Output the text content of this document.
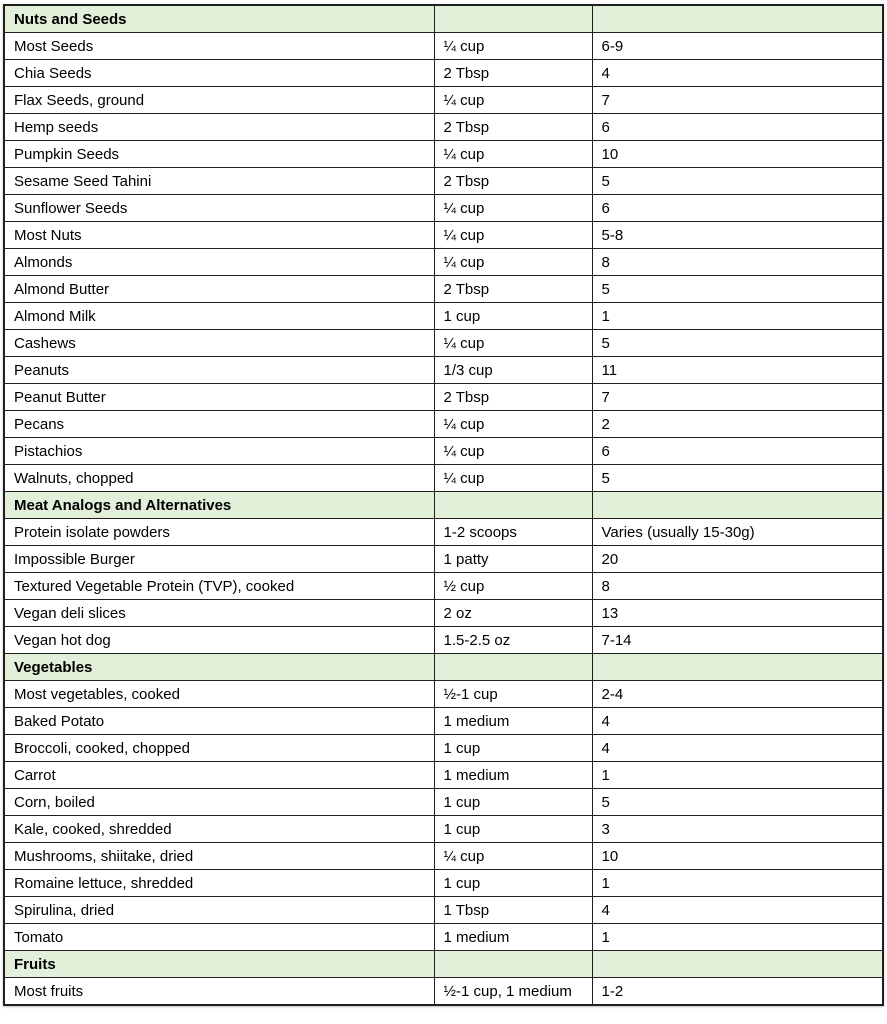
Nuts and Seeds		
Most Seeds	¼ cup	6-9
Chia Seeds	2 Tbsp	4
Flax Seeds, ground	¼ cup	7
Hemp seeds	2 Tbsp	6
Pumpkin Seeds	¼ cup	10
Sesame Seed Tahini	2 Tbsp	5
Sunflower Seeds	¼ cup	6
Most Nuts	¼ cup	5-8
Almonds	¼ cup	8
Almond Butter	2 Tbsp	5
Almond Milk	1 cup	1
Cashews	¼ cup	5
Peanuts	1/3 cup	11
Peanut Butter	2 Tbsp	7
Pecans	¼ cup	2
Pistachios	¼ cup	6
Walnuts, chopped	¼ cup	5
Meat Analogs and Alternatives		
Protein isolate powders	1-2 scoops	Varies (usually 15-30g)
Impossible Burger	1 patty	20
Textured Vegetable Protein (TVP), cooked	½ cup	8
Vegan deli slices	2 oz	13
Vegan hot dog	1.5-2.5 oz	7-14
Vegetables		
Most vegetables, cooked	½-1 cup	2-4
Baked Potato	1 medium	4
Broccoli, cooked, chopped	1 cup	4
Carrot	1 medium	1
Corn, boiled	1 cup	5
Kale, cooked, shredded	1 cup	3
Mushrooms, shiitake, dried	¼ cup	10
Romaine lettuce, shredded	1 cup	1
Spirulina, dried	1 Tbsp	4
Tomato	1 medium	1
Fruits		
Most fruits	½-1 cup, 1 medium	1-2
